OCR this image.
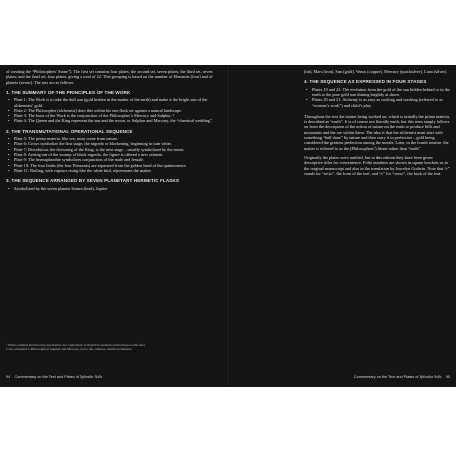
of creating the “Philosophers’ Stone”). The first set contains four plates; the second set, seven plates; the third set, seven plates; and the final set, four plates, giving a total of 22. This grouping is based on the number of Elements (four) and of planets (seven). The sets are as follows:

1. THE SUMMARY OF THE PRINCIPLES OF THE WORK
• Plate 1: The Work is to take the dull sun (gold hidden in the matter of the earth) and make it the bright sun of the alchemists’ gold.
• Plate 2: The Philosopher (alchemist) does this within his one flask set against a natural landscape.
• Plate 3: The basis of the Work is the conjunction of the Philosopher’s Mercury and Sulphur. ¹
• Plate 4: The Queen and the King represent the sun and the moon, or Sulphur and Mercury, the “chemical wedding”.
2. THE TRANSMUTATIONAL OPERATIONAL SEQUENCE
• Plate 5: The prima materia, like ore, must come from nature.
• Plate 6: Crows symbolize the first stage, the nigredo or blackening, beginning to turn white.
• Plate 7: Dissolution, the drowning of the King, is the next stage – usually symbolized by the moon.
• Plate 8: Arising out of the swamp of black nigredo, the figure is offered a new raiment.
• Plate 9: The hermaphrodite symbolizes conjunction of the male and female.
• Plate 10: The four limbs (the four Elements) are separated from the golden head of the quintessence.
• Plate 11: Boiling, with vapours rising like the white bird, rejuvenates the matter.
3. THE SEQUENCE ARRANGED BY SEVEN PLANETARY HERMETIC FLASKS
• Symbolized by the seven planets Saturn (lead), Jupiter
¹ Where sulphur and mercury/quicksilver are capitalized, it should be understood that these terms refer to the alchemist’s Philosophical Sulphur and Mercury, not to the ordinary chemical elements.
94 Commentary on the Text and Plates of Splendor Solis

(tin), Mars (iron), Sun (gold), Venus (copper), Mercury (quicksilver), Luna (silver).

4. THE SEQUENCE AS EXPRESSED IN FOUR STAGES
• Plates 19 and 22: The evolution from the gold of the sun hidden behind or in the earth to the pure gold sun shining brightly at dawn.
• Plates 20 and 21: Alchemy is as easy as cooking and washing (referred to as “women’s work”) and child’s play.

Throughout the text the matter being worked on, which is initially the prima materia, is described as “earth”. It is of course not literally earth, but this term simply follows on from the description of the action of nature on the earth to produce hills and mountains and the ore within them. The idea is that the alchemist must start with something “half done” by nature and then carry it to perfection – gold being considered the greatest perfection among the metals. Later, in the fourth treatise, the matter is referred to as the (Philosophers’) Stone rather than “earth”.

Originally the plates were untitled, but in this edition they have been given descriptive titles for convenience. Folio numbers are shown in square brackets as in the original manuscript and also in the translation by Joscelyn Godwin. Note that “r” stands for “recto”, the front of the leaf, and “v” for “verso”, the back of the leaf.

Commentary on the Text and Plates of Splendor Solis 95
